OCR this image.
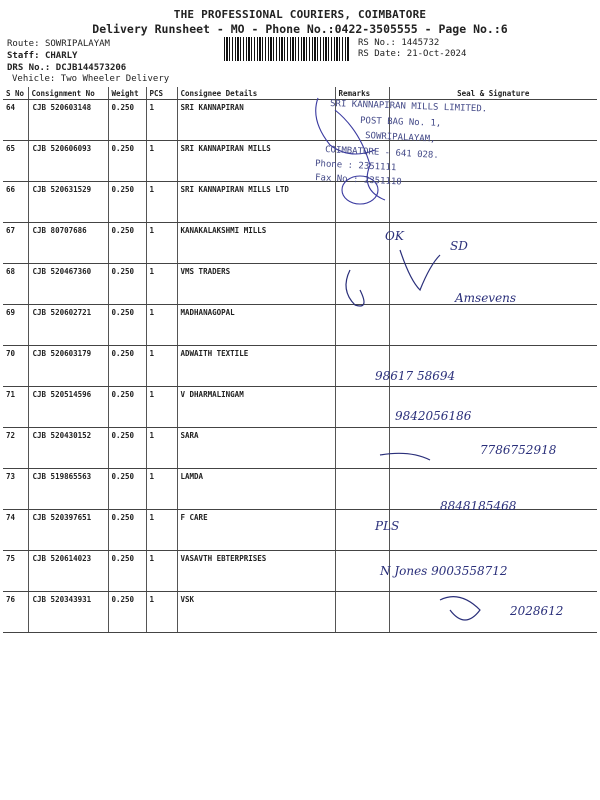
THE PROFESSIONAL COURIERS, COIMBATORE
Delivery Runsheet - MO - Phone No.:0422-3505555 - Page No.:6
Route: SOWRIPALAYAM
Staff: CHARLY
DRS No.: DCJB144573206
Vehicle: Two Wheeler Delivery
RS No.: 1445732
RS Date: 21-Oct-2024
S No	Consignment No	Weight	PCS	Consignee Details	Remarks	Seal & Signature
64	CJB 520603148	0.250	1	SRI KANNAPIRAN		
65	CJB 520606093	0.250	1	SRI KANNAPIRAN MILLS		
66	CJB 520631529	0.250	1	SRI KANNAPIRAN MILLS LTD		
67	CJB 80707686	0.250	1	KANAKALAKSHMI MILLS		
68	CJB 520467360	0.250	1	VMS TRADERS		
69	CJB 520602721	0.250	1	MADHANAGOPAL		
70	CJB 520603179	0.250	1	ADWAITH TEXTILE		
71	CJB 520514596	0.250	1	V DHARMALINGAM		
72	CJB 520430152	0.250	1	SARA		
73	CJB 519865563	0.250	1	LAMDA		
74	CJB 520397651	0.250	1	F CARE		
75	CJB 520614023	0.250	1	VASAVTH EBTERPRISES		
76	CJB 520343931	0.250	1	VSK		
SRI KANNAPIRAN MILLS LIMITED.
POST BAG No. 1,
SOWRIPALAYAM,
COIMBATORE - 641 028.
Phone : 2351111
Fax No : 2351110
OK
SD
Amsevens
98617 58694
9842056186
7786752918
8848185468
PLS
N Jones 9003558712
2028612
